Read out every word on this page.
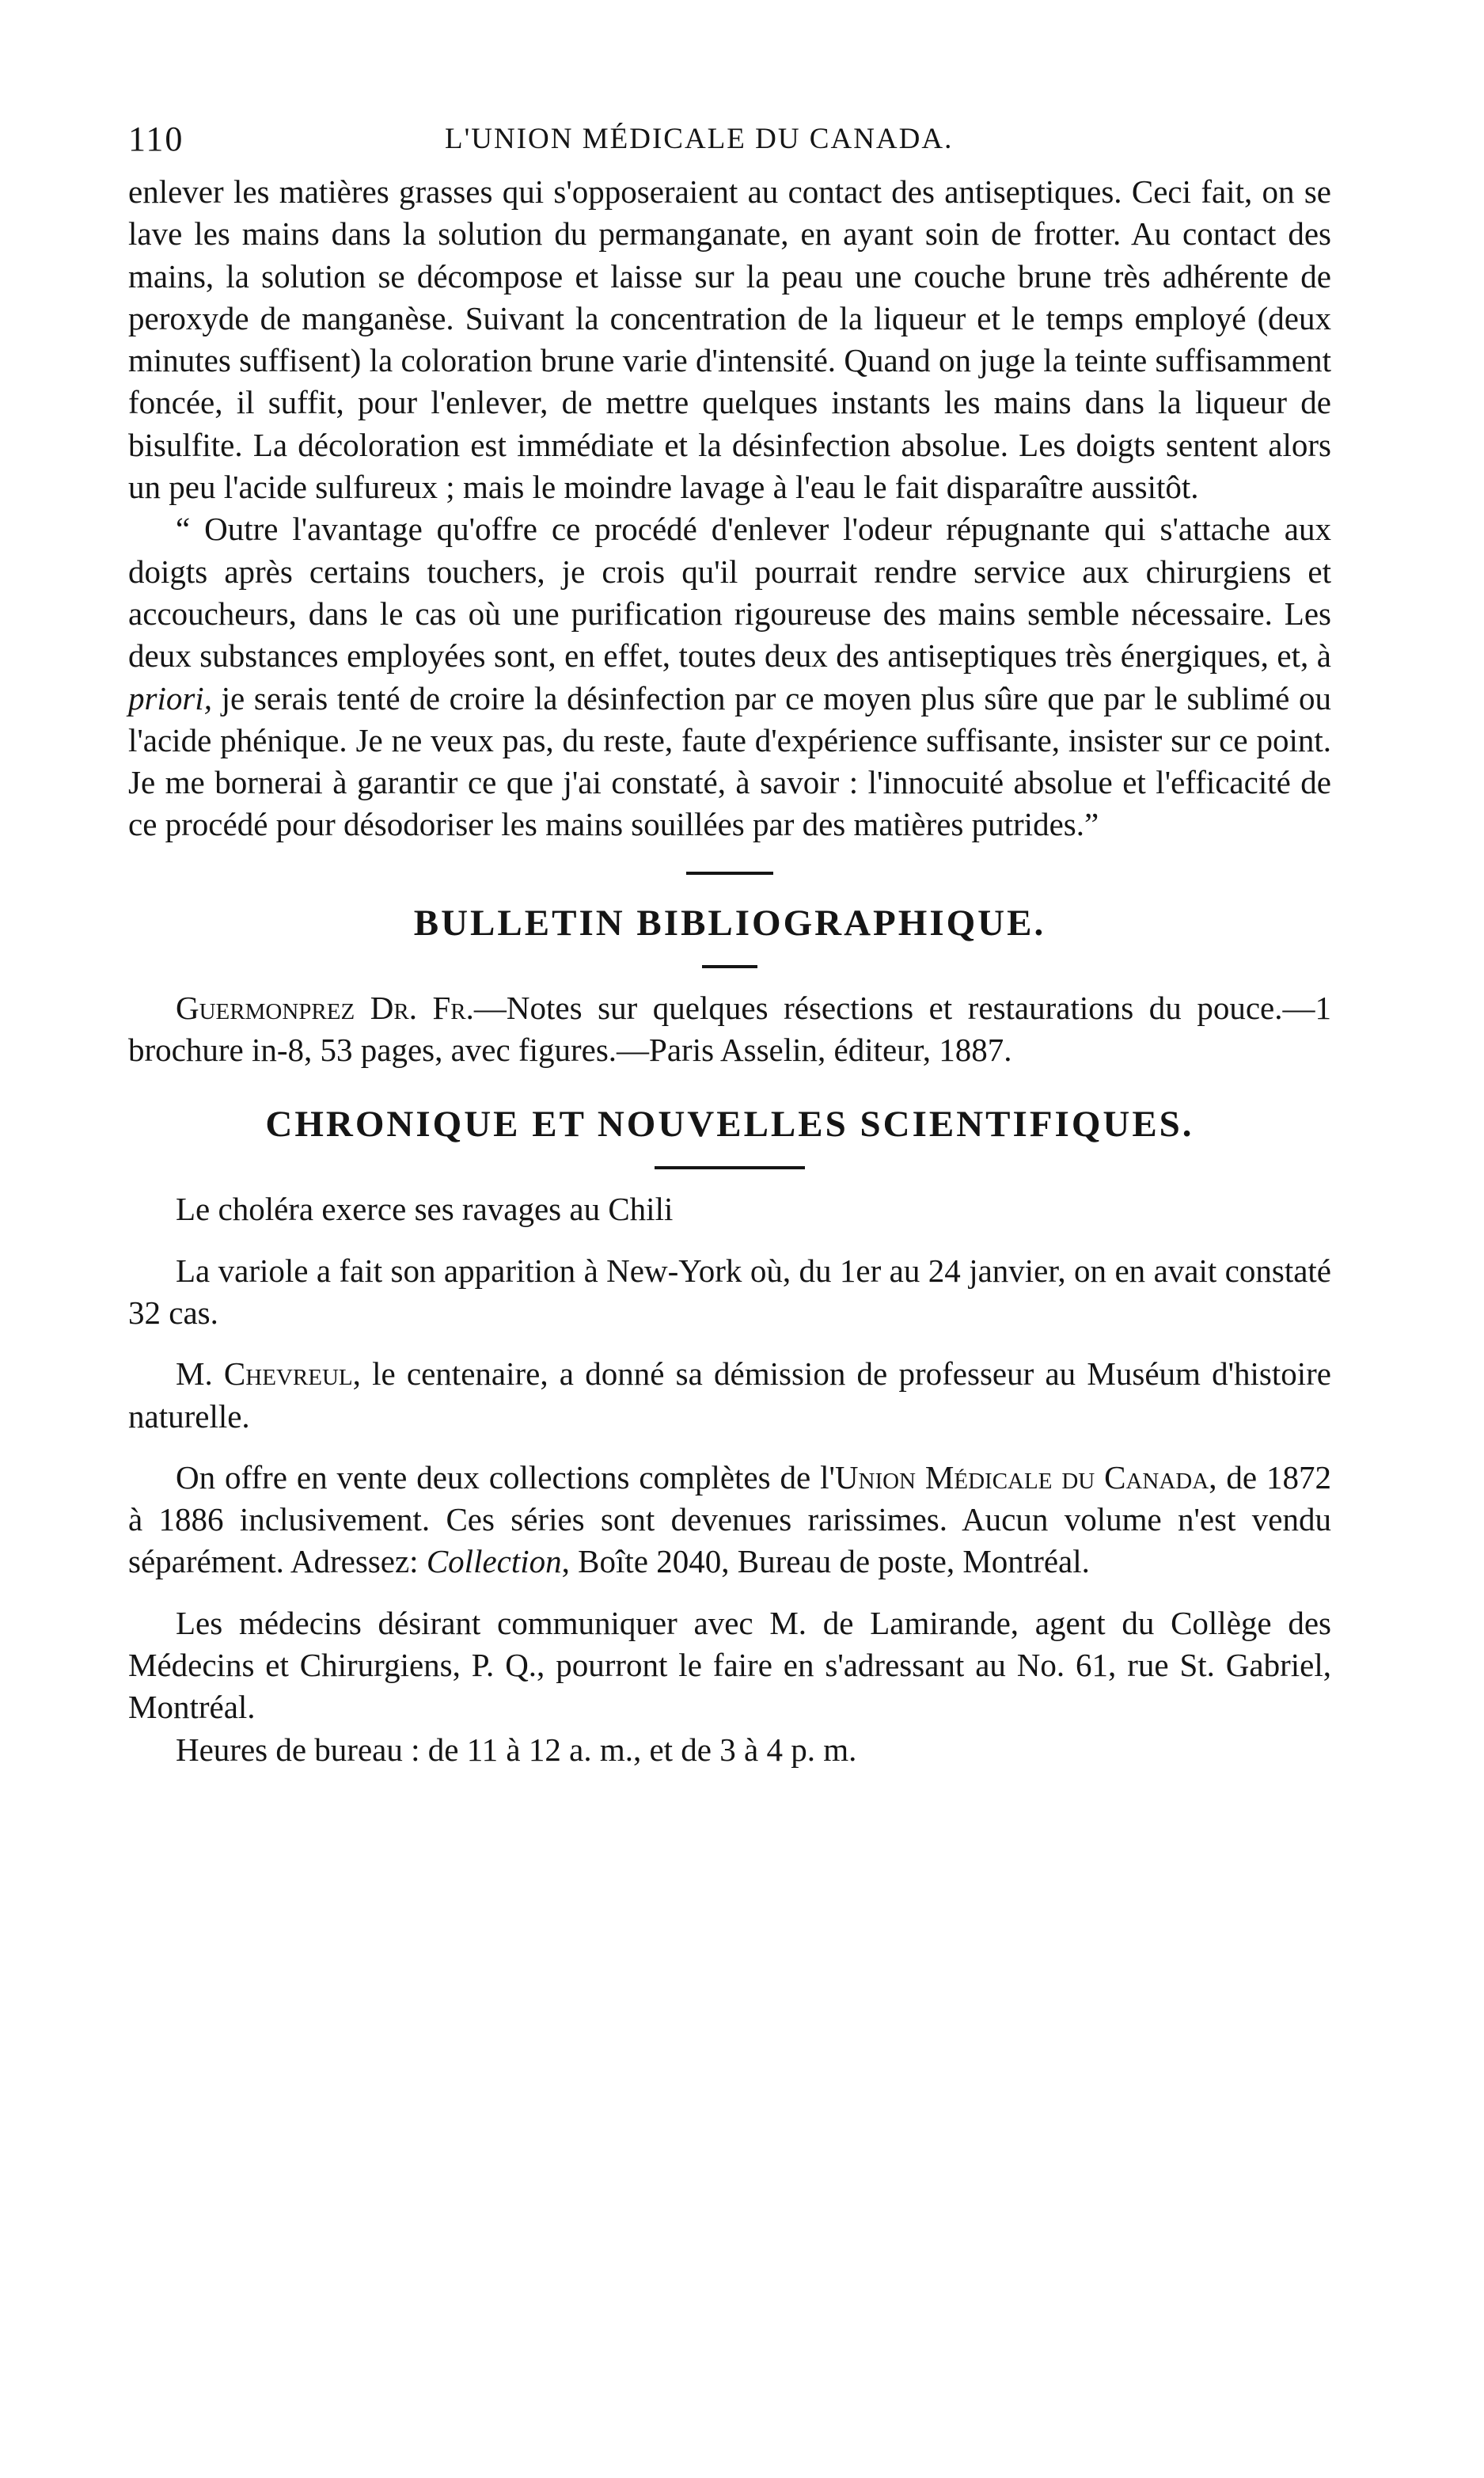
110	L'UNION MÉDICALE DU CANADA.

enlever les matières grasses qui s'opposeraient au contact des antiseptiques. Ceci fait, on se lave les mains dans la solution du permanganate, en ayant soin de frotter. Au contact des mains, la solution se décompose et laisse sur la peau une couche brune très adhérente de peroxyde de manganèse. Suivant la concentration de la liqueur et le temps employé (deux minutes suffisent) la coloration brune varie d'intensité. Quand on juge la teinte suffisamment foncée, il suffit, pour l'enlever, de mettre quelques instants les mains dans la liqueur de bisulfite. La décoloration est immédiate et la désinfection absolue. Les doigts sentent alors un peu l'acide sulfureux ; mais le moindre lavage à l'eau le fait disparaître aussitôt.

“ Outre l'avantage qu'offre ce procédé d'enlever l'odeur répugnante qui s'attache aux doigts après certains touchers, je crois qu'il pourrait rendre service aux chirurgiens et accoucheurs, dans le cas où une purification rigoureuse des mains semble nécessaire. Les deux substances employées sont, en effet, toutes deux des antiseptiques très énergiques, et, à priori, je serais tenté de croire la désinfection par ce moyen plus sûre que par le sublimé ou l'acide phénique. Je ne veux pas, du reste, faute d'expérience suffisante, insister sur ce point. Je me bornerai à garantir ce que j'ai constaté, à savoir : l'innocuité absolue et l'efficacité de ce procédé pour désodoriser les mains souillées par des matières putrides.”

BULLETIN BIBLIOGRAPHIQUE.

Guermonprez Dr. Fr.—Notes sur quelques résections et restaurations du pouce.—1 brochure in-8, 53 pages, avec figures.—Paris Asselin, éditeur, 1887.

CHRONIQUE ET NOUVELLES SCIENTIFIQUES.

Le choléra exerce ses ravages au Chili

La variole a fait son apparition à New-York où, du 1er au 24 janvier, on en avait constaté 32 cas.

M. Chevreul, le centenaire, a donné sa démission de professeur au Muséum d'histoire naturelle.

On offre en vente deux collections complètes de l'Union Médicale du Canada, de 1872 à 1886 inclusivement. Ces séries sont devenues rarissimes. Aucun volume n'est vendu séparément. Adressez: Collection, Boîte 2040, Bureau de poste, Montréal.

Les médecins désirant communiquer avec M. de Lamirande, agent du Collège des Médecins et Chirurgiens, P. Q., pourront le faire en s'adressant au No. 61, rue St. Gabriel, Montréal.

Heures de bureau : de 11 à 12 a. m., et de 3 à 4 p. m.
